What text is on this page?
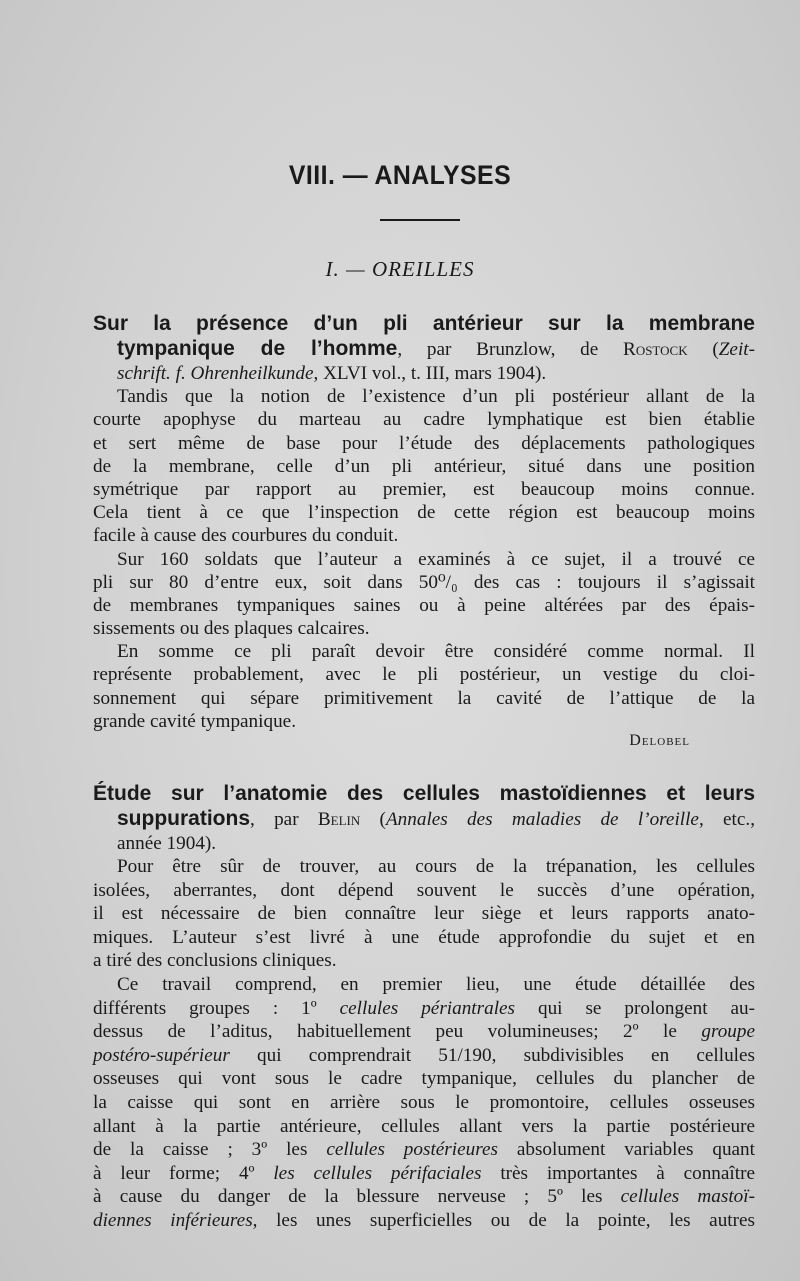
VIII. — ANALYSES
I. — OREILLES
Sur la présence d’un pli antérieur sur la membrane
tympanique de l’homme, par Brunzlow, de Rostock (Zeit-
schrift. f. Ohrenheilkunde, XLVI vol., t. III, mars 1904).
Tandis que la notion de l’existence d’un pli postérieur allant de la
courte apophyse du marteau au cadre lymphatique est bien établie
et sert même de base pour l’étude des déplacements pathologiques
de la membrane, celle d’un pli antérieur, situé dans une position
symétrique par rapport au premier, est beaucoup moins connue.
Cela tient à ce que l’inspection de cette région est beaucoup moins
facile à cause des courbures du conduit.
Sur 160 soldats que l’auteur a examinés à ce sujet, il a trouvé ce
pli sur 80 d’entre eux, soit dans 50⁰/₀ des cas : toujours il s’agissait
de membranes tympaniques saines ou à peine altérées par des épais-
sissements ou des plaques calcaires.
En somme ce pli paraît devoir être considéré comme normal. Il
représente probablement, avec le pli postérieur, un vestige du cloi-
sonnement qui sépare primitivement la cavité de l’attique de la
grande cavité tympanique.
Delobel
Étude sur l’anatomie des cellules mastoïdiennes et leurs
suppurations, par Belin (Annales des maladies de l’oreille, etc.,
année 1904).
Pour être sûr de trouver, au cours de la trépanation, les cellules
isolées, aberrantes, dont dépend souvent le succès d’une opération,
il est nécessaire de bien connaître leur siège et leurs rapports anato-
miques. L’auteur s’est livré à une étude approfondie du sujet et en
a tiré des conclusions cliniques.
Ce travail comprend, en premier lieu, une étude détaillée des
différents groupes : 1º cellules périantrales qui se prolongent au-
dessus de l’aditus, habituellement peu volumineuses; 2º le groupe
postéro-supérieur qui comprendrait 51/190, subdivisibles en cellules
osseuses qui vont sous le cadre tympanique, cellules du plancher de
la caisse qui sont en arrière sous le promontoire, cellules osseuses
allant à la partie antérieure, cellules allant vers la partie postérieure
de la caisse ; 3º les cellules postérieures absolument variables quant
à leur forme; 4º les cellules périfaciales très importantes à connaître
à cause du danger de la blessure nerveuse ; 5º les cellules mastoï-
diennes inférieures, les unes superficielles ou de la pointe, les autres
